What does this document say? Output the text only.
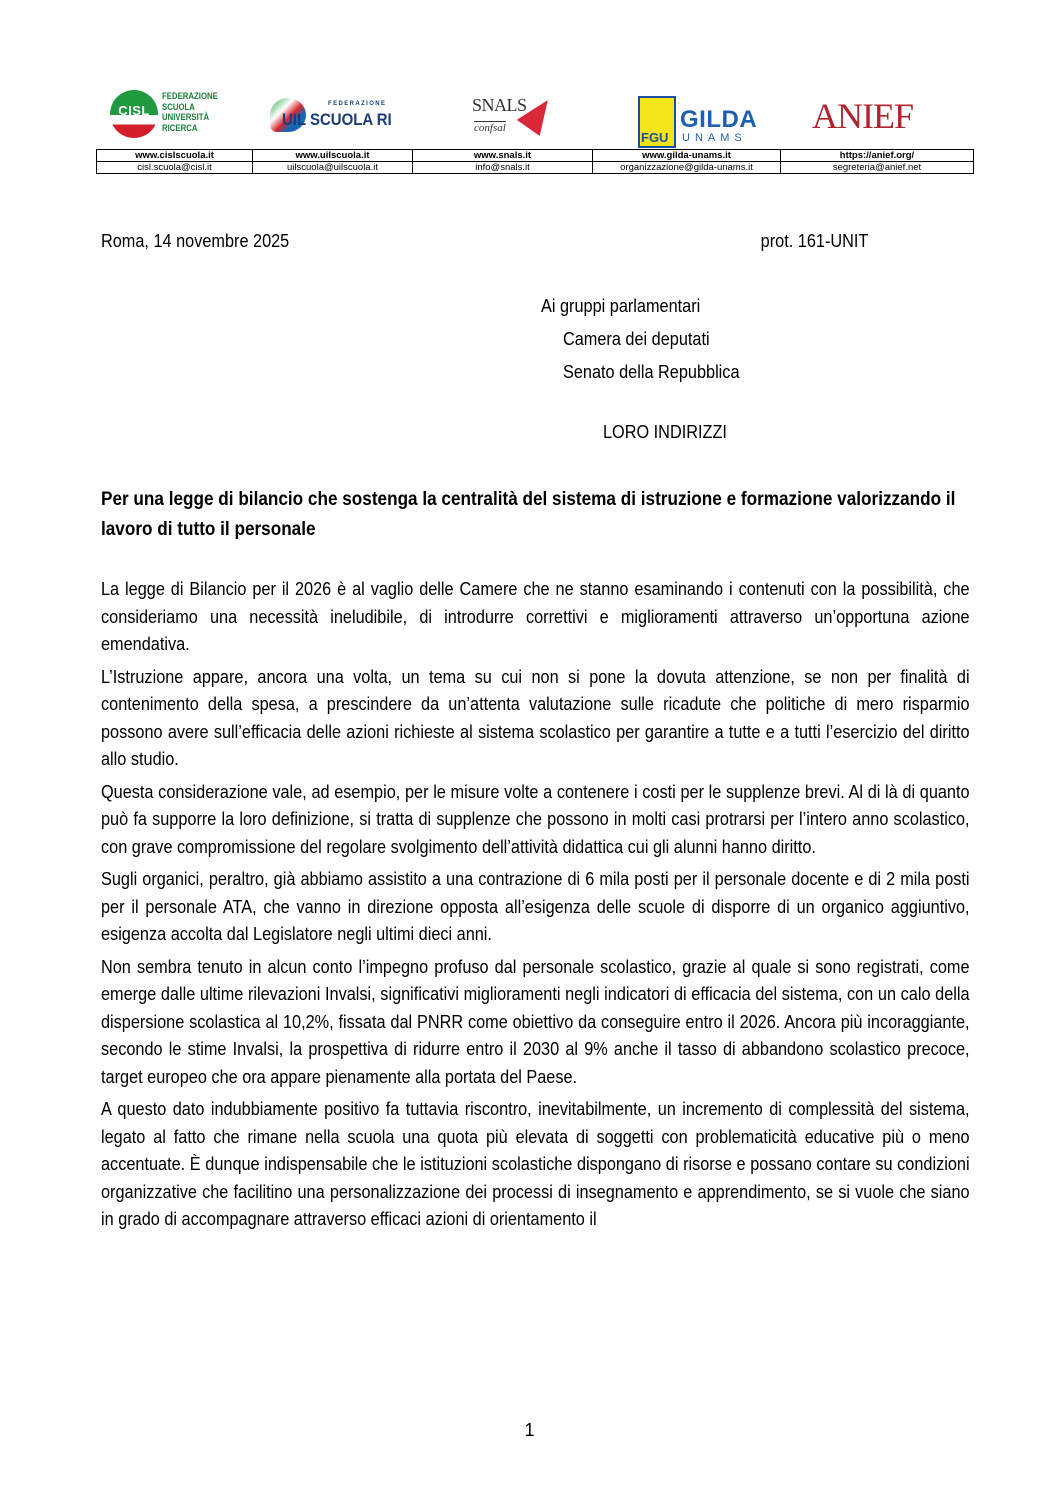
CISL
FEDERAZIONE
SCUOLA
UNIVERSITÀ
RICERCA
FEDERAZIONE
UIL SCUOLA RI
SNALS
confsal
FGU
GILDA
UNAMS
ANIEF
www.cislscuola.it	www.uilscuola.it	www.snals.it	www.gilda-unams.it	https://anief.org/
cisl.scuola@cisl.it	uilscuola@uilscuola.it	info@snals.it	organizzazione@gilda-unams.it	segreteria@anief.net
Roma, 14 novembre 2025	prot. 161-UNIT
Ai gruppi parlamentari
Camera dei deputati
Senato della Repubblica
LORO INDIRIZZI
Per una legge di bilancio che sostenga la centralità del sistema di istruzione e formazione valorizzando il lavoro di tutto il personale

La legge di Bilancio per il 2026 è al vaglio delle Camere che ne stanno esaminando i contenuti con la possibilità, che consideriamo una necessità ineludibile, di introdurre correttivi e miglioramenti attraverso un’opportuna azione emendativa.

L’Istruzione appare, ancora una volta, un tema su cui non si pone la dovuta attenzione, se non per finalità di contenimento della spesa, a prescindere da un’attenta valutazione sulle ricadute che politiche di mero risparmio possono avere sull’efficacia delle azioni richieste al sistema scolastico per garantire a tutte e a tutti l’esercizio del diritto allo studio.

Questa considerazione vale, ad esempio, per le misure volte a contenere i costi per le supplenze brevi. Al di là di quanto può fa supporre la loro definizione, si tratta di supplenze che possono in molti casi protrarsi per l’intero anno scolastico, con grave compromissione del regolare svolgimento dell’attività didattica cui gli alunni hanno diritto.

Sugli organici, peraltro, già abbiamo assistito a una contrazione di 6 mila posti per il personale docente e di 2 mila posti per il personale ATA, che vanno in direzione opposta all’esigenza delle scuole di disporre di un organico aggiuntivo, esigenza accolta dal Legislatore negli ultimi dieci anni.

Non sembra tenuto in alcun conto l’impegno profuso dal personale scolastico, grazie al quale si sono registrati, come emerge dalle ultime rilevazioni Invalsi, significativi miglioramenti negli indicatori di efficacia del sistema, con un calo della dispersione scolastica al 10,2%, fissata dal PNRR come obiettivo da conseguire entro il 2026. Ancora più incoraggiante, secondo le stime Invalsi, la prospettiva di ridurre entro il 2030 al 9% anche il tasso di abbandono scolastico precoce, target europeo che ora appare pienamente alla portata del Paese.

A questo dato indubbiamente positivo fa tuttavia riscontro, inevitabilmente, un incremento di complessità del sistema, legato al fatto che rimane nella scuola una quota più elevata di soggetti con problematicità educative più o meno accentuate. È dunque indispensabile che le istituzioni scolastiche dispongano di risorse e possano contare su condizioni organizzative che facilitino una personalizzazione dei processi di insegnamento e apprendimento, se si vuole che siano in grado di accompagnare attraverso efficaci azioni di orientamento il

1
